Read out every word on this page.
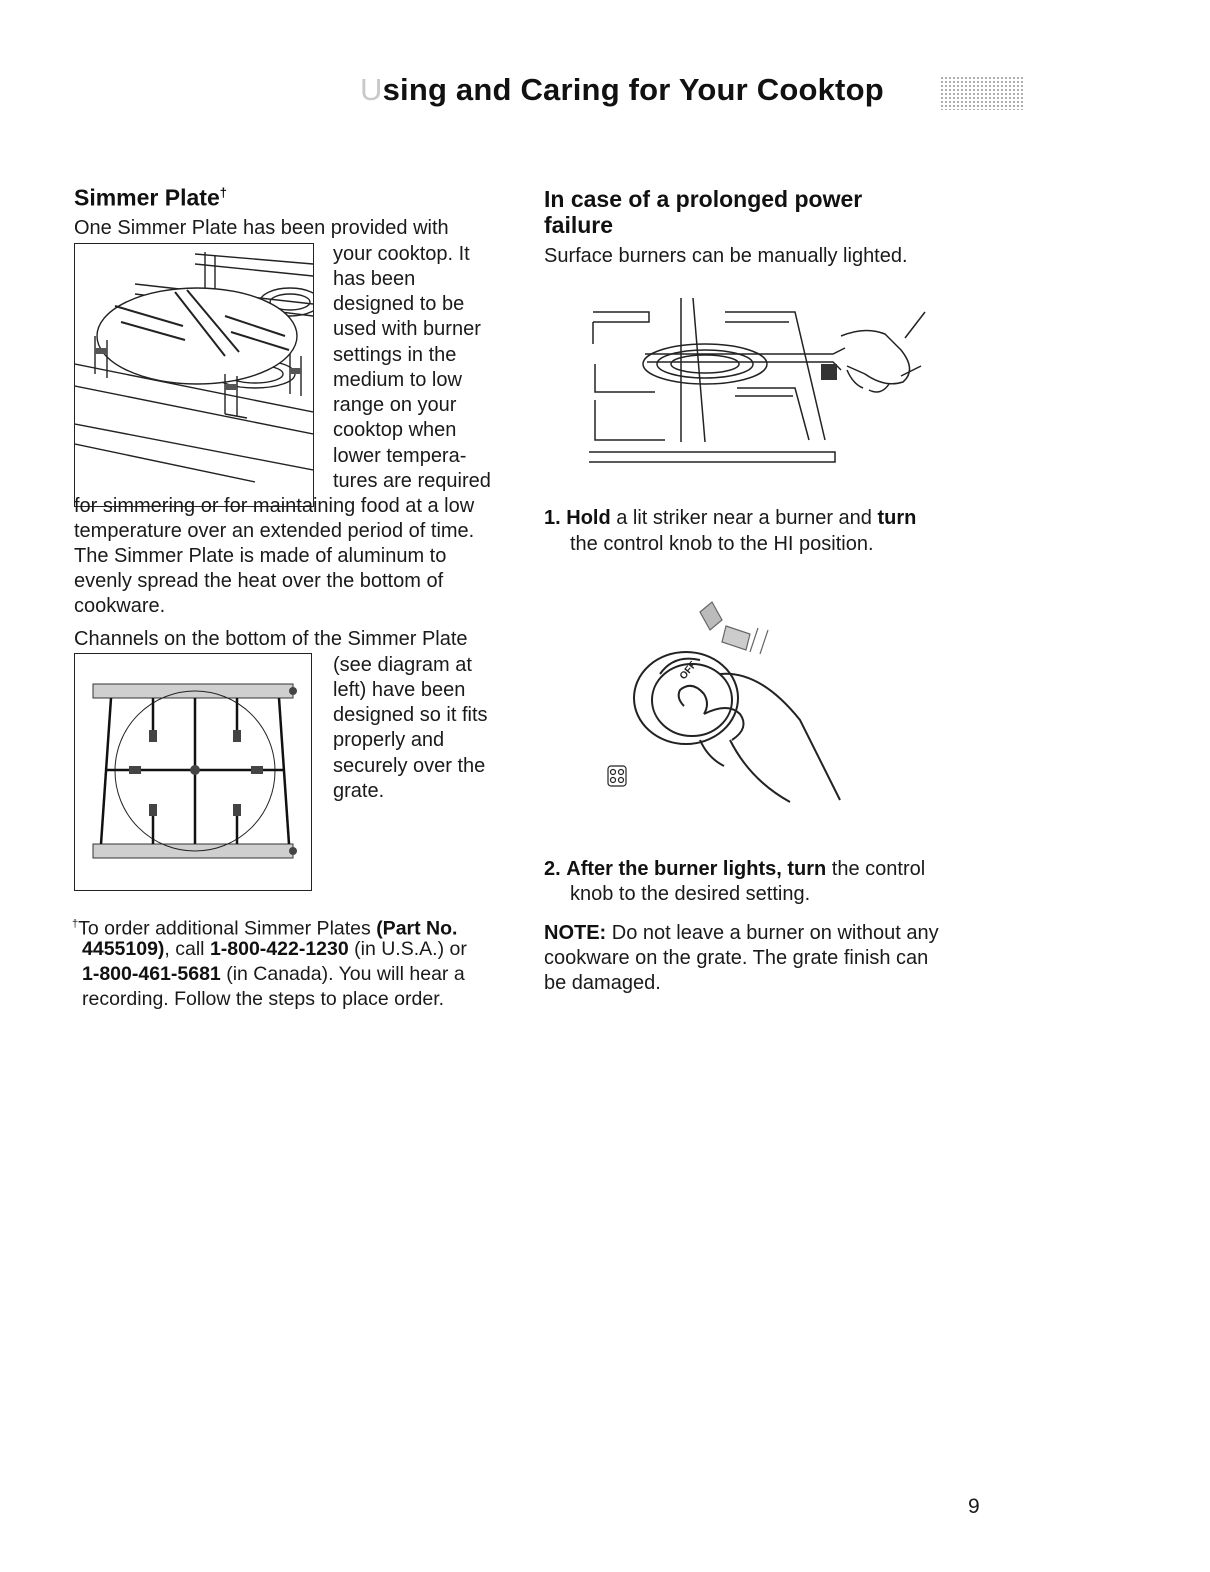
Using and Caring for Your Cooktop
Simmer Plate†

One Simmer Plate has been provided with

your cooktop. It

has been

designed to be

used with burner

settings in the

medium to low

range on your

cooktop when

lower tempera-

tures are required

for simmering or for maintaining food at a low

temperature over an extended period of time.

The Simmer Plate is made of aluminum to

evenly spread the heat over the bottom of

cookware.

Channels on the bottom of the Simmer Plate

(see diagram at

left) have been

designed so it fits

properly and

securely over the

grate.

†To order additional Simmer Plates (Part No.

4455109), call 1-800-422-1230 (in U.S.A.) or

1-800-461-5681 (in Canada). You will hear a

recording. Follow the steps to place order.

In case of a prolonged power
failure

Surface burners can be manually lighted.

1. Hold a lit striker near a burner and turn

the control knob to the HI position.

OFF

2. After the burner lights, turn the control

knob to the desired setting.

NOTE: Do not leave a burner on without any

cookware on the grate. The grate finish can

be damaged.

9
